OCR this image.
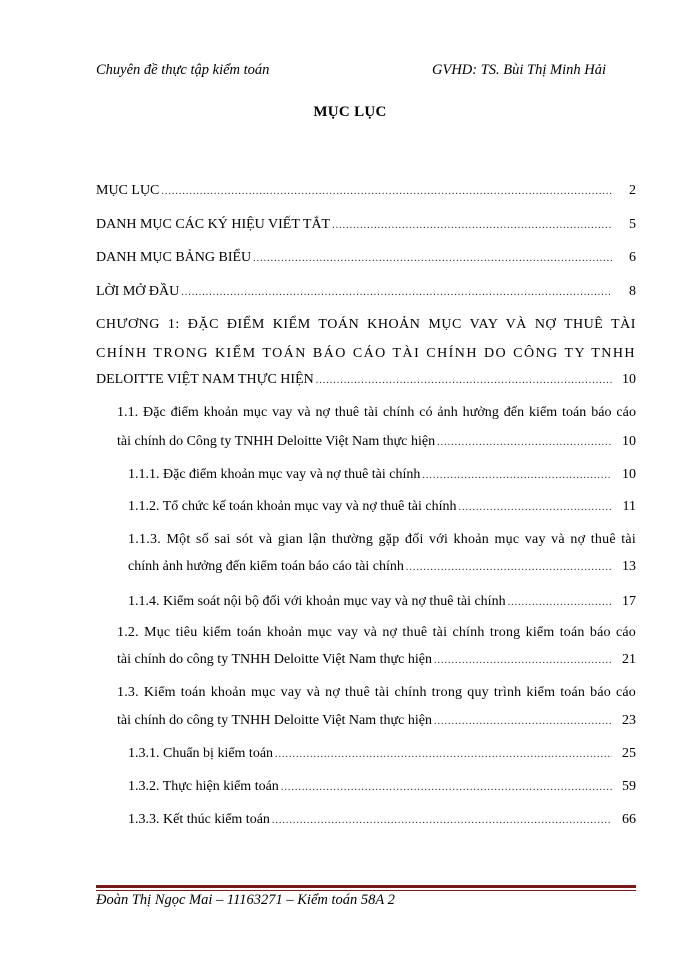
Chuyên đề thực tập kiểm toán	GVHD: TS. Bùi Thị Minh Hải
MỤC LỤC
MỤC LỤC .....	2
DANH MỤC CÁC KÝ HIỆU VIẾT TẮT .....	5
DANH MỤC BẢNG BIỂU .....	6
LỜI MỞ ĐẦU .....	8
CHƯƠNG 1: ĐẶC ĐIỂM KIỂM TOÁN KHOẢN MỤC VAY VÀ NỢ THUÊ TÀI
CHÍNH TRONG KIỂM TOÁN BÁO CÁO TÀI CHÍNH DO CÔNG TY TNHH
DELOITTE VIỆT NAM THỰC HIỆN .....	10
1.1. Đặc điểm khoản mục vay và nợ thuê tài chính có ảnh hưởng đến kiểm toán báo cáo
tài chính do Công ty TNHH Deloitte Việt Nam thực hiện .....	10
1.1.1. Đặc điểm khoản mục vay và nợ thuê tài chính .....	10
1.1.2. Tổ chức kế toán khoản mục vay và nợ thuê tài chính .....	11
1.1.3. Một số sai sót và gian lận thường gặp đối với khoản mục vay và nợ thuê tài
chính ảnh hưởng đến kiểm toán báo cáo tài chính .....	13
1.1.4. Kiểm soát nội bộ đối với khoản mục vay và nợ thuê tài chính .....	17
1.2. Mục tiêu kiểm toán khoản mục vay và nợ thuê tài chính trong kiểm toán báo cáo
tài chính do công ty TNHH Deloitte Việt Nam thực hiện .....	21
1.3. Kiểm toán khoản mục vay và nợ thuê tài chính trong quy trình kiểm toán báo cáo
tài chính do công ty TNHH Deloitte Việt Nam thực hiện .....	23
1.3.1. Chuẩn bị kiểm toán .....	25
1.3.2. Thực hiện kiểm toán .....	59
1.3.3. Kết thúc kiểm toán .....	66
Đoàn Thị Ngọc Mai – 11163271 – Kiểm toán 58A 2
